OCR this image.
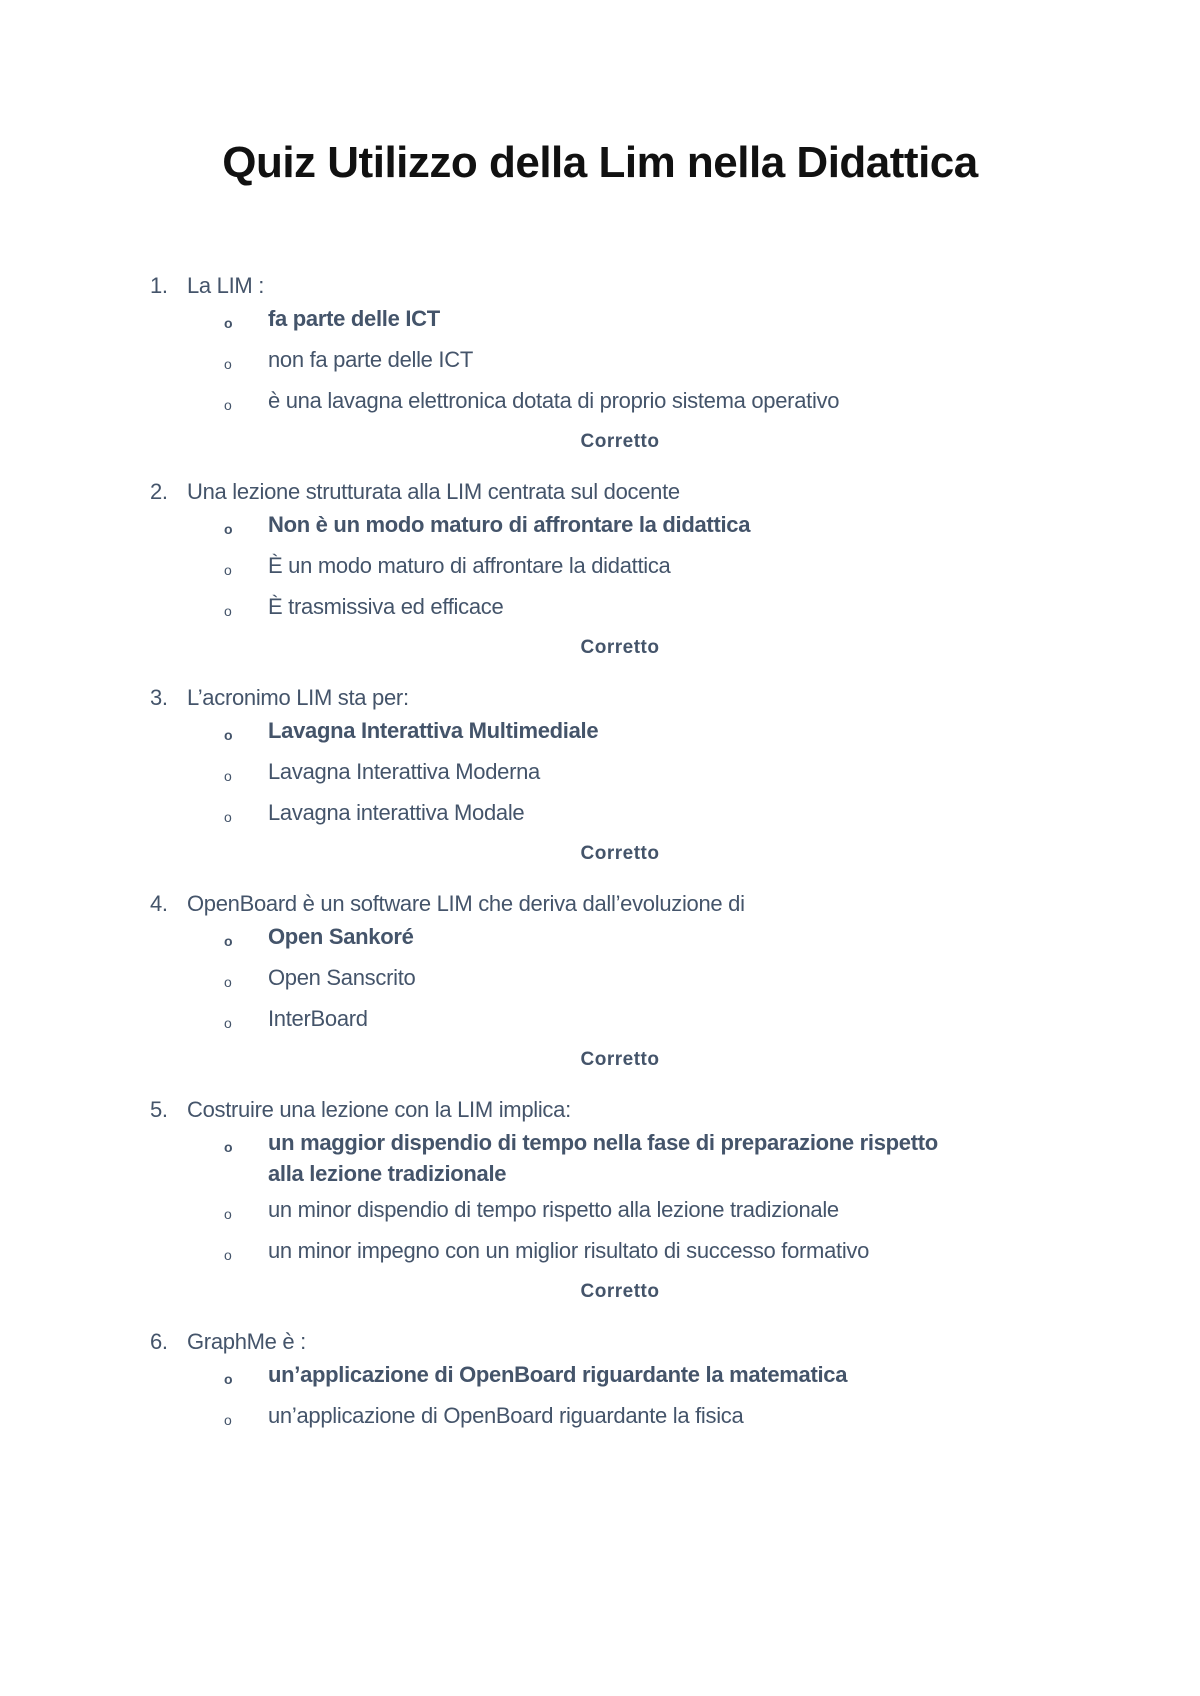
Quiz Utilizzo della Lim nella Didattica
1. La LIM :
o fa parte delle ICT
o non fa parte delle ICT
o è una lavagna elettronica dotata di proprio sistema operativo
Corretto
2. Una lezione strutturata alla LIM centrata sul docente
o Non è un modo maturo di affrontare la didattica
o È un modo maturo di affrontare la didattica
o È trasmissiva ed efficace
Corretto
3. L’acronimo LIM sta per:
o Lavagna Interattiva Multimediale
o Lavagna Interattiva Moderna
o Lavagna interattiva Modale
Corretto
4. OpenBoard è un software LIM che deriva dall’evoluzione di
o Open Sankoré
o Open Sanscrito
o InterBoard
Corretto
5. Costruire una lezione con la LIM implica:
o un maggior dispendio di tempo nella fase di preparazione rispetto alla lezione tradizionale
o un minor dispendio di tempo rispetto alla lezione tradizionale
o un minor impegno con un miglior risultato di successo formativo
Corretto
6. GraphMe è :
o un’applicazione di OpenBoard riguardante la matematica
o un’applicazione di OpenBoard riguardante la fisica
